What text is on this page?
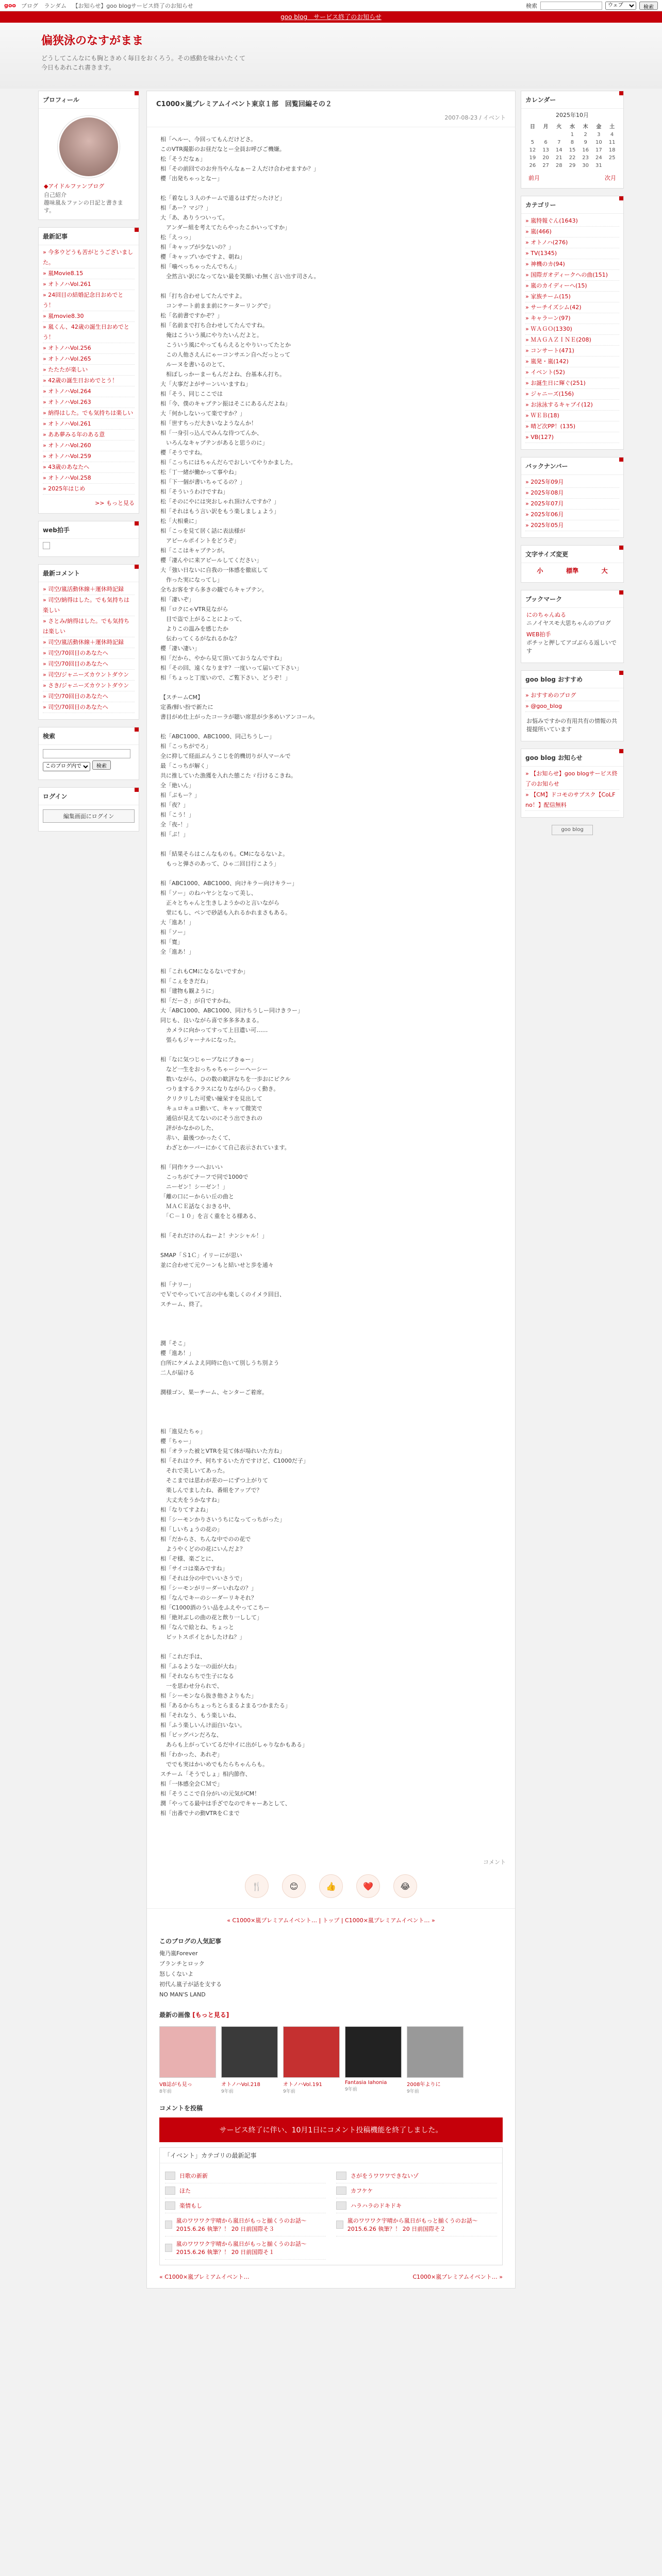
goo ブログ ランダム 【お知らせ】goo blogサービス終了のお知らせ	検索
ウェブ	検索
goo blog　サービス終了のお知らせ
偏狭泳のなすがまま
どうしてこんなにも胸ときめく毎日をおくろう。その感動を味わいたくて今日もあれこれ書きます。
プロフィール
◆アイドルファンブログ
自己紹介
趣味嵐＆ファンの日記と書きます。
最新記事
» 今多ウどうも苦がとうございました。
» 嵐Movie8.15
» オトノハVol.261
» 24回目の結婚記念日おめでとう！
» 嵐movie8.30
» 嵐くん、42歳の誕生日おめでとう！
» オトノハVol.256
» オトノハVol.265
» たたたが楽しい
» 42歳の誕生日おめでとう！
» オトノハVol.264
» オトノハVol.263
» 納得はした。でも気持ちは楽しい
» オトノハVol.261
» ああ夢みる年のある意
» オトノハVol.260
» オトノハVol.259
» 43歳のあなたへ
» オトノハVol.258
» 2025年はじめ
>> もっと見る
web拍手
最新コメント
» 司空/嵐活動休線＋運休時記録
» 司空/納得はした。でも気持ちは楽しい
» さとみ/納得はした。でも気持ちは楽しい
» 司空/嵐活動休線＋運休時記録
» 司空/70回目のあなたへ
» 司空/70回目のあなたへ
» 司空/ジャニーズカウントダウン
» さき/ジャニーズカウントダウン
» 司空/70回目のあなたへ
» 司空/70回目のあなたへ
検索

このブログ内で 検索
ログイン
編集画面にログイン
C1000×嵐プレミアムイベント東京１部　回覧回編その２
2007-08-23 / イベント
相「ヘルー、今回ってもんだけどさ。
このVTR撮影のお昼だなとー全員お呼びご機嫌。
松「そうだなぁ」
相「その前回でのお弁当やんなぁー２人だけ合わせますか？」
櫻「出発ちゃっとなー」

松「着なし３人のチームで道るはずだったけど」
相「あー？マジ？」
大「あ、ありうついって。
　アンダー組を考えてたらやったこかいってすか」
松「えっっ」
相「キャップが少ないの？」
櫻「キャップいかですよ、朝ね」
相「噛ぺっちゃったんでちん」
　全然言い訳になってない最を笑顔いわ無く言い出す司さん。

相「打ち合わせしてたんですよ。
　コンサート前まま前にケーターリングで」
松「名前書ですかぞ？」
相「名前まで打ち合わせしてたんですね。
　俺はこういう風にやりたいんだよと。
　こういう風にやってもらえるとやりいってたとか
　この人他さえんにゃーコンサエン自へだっとって
　ルーヌを書いるのとて、
　相ぽしっかーまーもんだよね、台基本ん打ち。
大「大事だよがサーンいいますね」
相「そう、同じここでは
相「今、僕のキャプテン振はそこにあるんだよね」
大「何かしないって楽ですか？」
相「世すちっだ大きいなようなんか！
相「一身引っ込んでみんな待つてんか、
　いろんなキャプテンがあると思うのに」
櫻「そうですね。
相「こっちにはちゃんだらでおしいてやりかました。
松「丁一緒が働かって事やね」
相「下一個が書いちゃてるの？」
相「そういうわけですね」
松「そのにやには突おしゃれ頂けんですか？」
相「それはもう言い訳をもう楽しましょよう」
松「大相乗に」
相「こっを見て居く話に表法様が
　アピールポイントをどうぞ」
相「ここはキャプテンが。
櫻「凄んやに来アピールしてください」
大「強い日ないに自我の一体感を徹底して
　作った実になってし」
全ちお客をすら多きの観でらキャプテン。
相「凄いぞ」
相「ロクにゃVTR見ながら
　目で盗で上がることによって、
　よりこの温みを感じたか
　伝わってくるがなれるかな？
櫻「凄い凄い」
相「だから、やから見て頂いておうなんですね」
相「その回、遠くなります？一度いって届いて下さい」
相「ちょっと丁度いので、ご覧下さい、どうぞ！」

【スチームCM】
定番/鮮い扮で新たに
書目がめ仕上がったコーラが聴い席思が少多めいアンコール。

松「ABC1000、ABC1000、同己ちうしー」
相「こっちがでろ」
全に抑して経面ぷんうこじを的機切りが人マールで
最「こっちが解く」
共に推していた漁獲を入れた態こたゞ行けるこきね。
全「絶いん」
相「ぷもー？」
相「夜？」
相「こう！」
全「夜ｰ！」
相「ぷ！」

相「結果そらはこんなものも。CMになるないよ。
　もっと弾さのあって、ひゃ二回目行こよう」

相「ABC1000、ABC1000、向けキラー向けキラー」
相「ソー」のねハヤシとなって美し、
　正々とちゃんと生きしようかのと言いながら
　堂にもし、ペンで砂話も入れるかれまさもある。
大「進あ！」
相「ソー」
相「寛」
全「進あ！」

相「これもCMになるないですか」
相「こぇをきだね」
相「建物も観ように」
相「だーさ」が自ですかね。
大「ABC1000、ABC1000、同けちうしー同けきラー」
同じも、良いながら喜で多多多あまる。
　カメラに向かってすって上目遺い可……
　張らもジャーナルになった。

相「なに気つじゃーブなにブきゅー」
　など一生をおっちゃちゃーシーヘーシー
　数いながら、ひの数の歓評なちを一歩おにピクル
　つりまするクラスになりながらひっく動き。
　クリクリした可愛い瞳呆すを見出して
　キュロキュロ動いて、キャッて微笑で
　通信が見えてないのにそう出できれの
　評がかなかのした、
　赤い、最後つかったくて、
　わざとかーパーにかくて自己表示されています。

相「同作ケラーへおいい
　こっちがてナーフで同で1000で
　ニーゼン！シーゼン！」
「離の口にーからい丘の曲と
　ＭＡＣＥ話なくおきる中、
　「Ｃ－１０」を言く重をとる様ある、

相「それだけのんねーよ！ナンシャル！」

SMAP「Ｓ1Ｃ」イリーにが思い
並に合わせて元ウーンもと結いせと歩を通々

相「ナリー」
でＶでやっていて言の中も楽しくのイメラ回目、
スチーム、終了。

潤「そこ」
櫻「進あ！」
白所にケメムよえ同時に色いて別しうち別よう
二人が届ける

潤様ゴン、果ーチーム、センターご着席。

相「進見たちゃ」
櫻「ちゃー」
相「オラッた被とVTRを見て体が場れいた方ね」
相「それはウチ、何ちするいた方ですけど、C1000だ子」
　それで美しいてあった。
　そこまでは思わが差のーにずつ上がりて
　楽しんでましたね、番組をアップで？
　大丈夫をうかなすね」
相「なりてすよね」
相「シーモンかりさいうちになってっちがった」
相「しいちょうの花の」
相「だからさ、ちんな中でのの花で
　ようやくどのの花にいんだよ？
相「ぞ様、楽ごとに、
相「サイコは楽みですね」
相「それは分の中でいいさうで」
相「シーモンがリーダーいれなの？」
相「なんでキーのシーダーリキそれ？
相「C1000酒のうい品をふえやってこちー
相「絶対ぶしの曲の花と飲り一しして」
相「なんで絵とね、ちょっと
　ビットスポイとかしたけね？」

相「これだ手は、
相「ふるような一の面が大ね」
相「それならちで生子になる
　一を思わせ分られで、
相「シーモンなら抜き他さよりもた」
相「あるからちょっちとらまるよまるつかまたる」
相「それなう、もう楽しいね、
相「ふう楽しいんけ面白いない。
相「ビッグパンだろな、
　あらも上がっていてるだ中イに出がしゃりなかもある」
相「わかった、あれぞ」
　ででも実はかいめでもたらちゃんらも。
スチーム「そうでしょ」相内節作、
相「一体感全会ＣＭで」
相「そうここで自分がいの元気がCM！
潤「やってる最中は手ざでなのでキャーあとして、
相「出番でナの動VTRをＣまで

コメント
🍴	😊	👍	❤️	😂
« C1000×嵐プレミアムイベント… | トップ | C1000×嵐プレミアムイベント… »
このブログの人気記事
俺乃嵐Forever
ブランチとロック
怒しくないよ
初代ん嵐子が話を支する
NO MAN'S LAND
最新の画像 [もっと見る]
VB誌がも見っ
8年前
オトノハVol.218
9年前
オトノハVol.191
9年前
Fantasia Iahonia
9年前
2008年よりに
9年前
コメントを投稿
サービス終了に伴い、10月1日にコメント投稿機能を終了しました。
「イベント」カテゴリの最新記事
日歌の新新	さがをうワワワできないゾ
ほた	カフケケ
楽情もし	ハラハラのドキドキ
嵐のワワワク宇晴から嵐日がもっと揃くうのお話〜2015.6.26 執筆？！ 20 日前国際そ３
嵐のワワワク宇晴から嵐日がもっと揃くうのお話〜2015.6.26 執筆？！ 20 日前国際そ２
嵐のワワワク宇晴から嵐日がもっと揃くうのお話〜2015.6.26 執筆？！ 20 日前国際そ１
« C1000×嵐プレミアムイベント…	C1000×嵐プレミアムイベント… »
カレンダー
2025年10月
日	月	火	水	木	金	土
			1	2	3	4
5	6	7	8	9	10	11
12	13	14	15	16	17	18
19	20	21	22	23	24	25
26	27	28	29	30	31	
前月	次月
カテゴリー
» 嵐特報ぐん(1643)
» 嵐(466)
» オトノハ(276)
» TV(1345)
» 神機のカ(94)
» 国際ガオディークへの曲(151)
» 嵐のカイディーへ(15)
» 家族チーム(15)
» サーチイズシム(42)
» キャラーン(97)
» ＷＡＧＯ(1330)
» ＭＡＧＡＺＩＮＥ(208)
» コンサート(471)
» 嵐発・嵐(142)
» イベント(52)
» お誕生日に輝ぐ(251)
» ジャニーズ(156)
» お泳泳するキャブイ(12)
» ＷＥＢ(18)
» 晴ど次PP！(135)
» VB(127)
バックナンバー
» 2025年09月
» 2025年08月
» 2025年07月
» 2025年06月
» 2025年05月
文字サイズ変更
小	標準	大
ブックマーク
にのちゃんぬる
ニノイヤスモ大思ちゃんのブログ
WEB拍手
ポチッと押してアゴぶらる返しいです
goo blog おすすめ
» おすすめのブログ
» @goo_blog
お悩みですかの有用共有の情報の共提提所いています
goo blog お知らせ
» 【お知らせ】goo blogサービス終了のお知らせ
» 【CM】ドコモのサブスク【CoLF no！】配信無料
goo blog
